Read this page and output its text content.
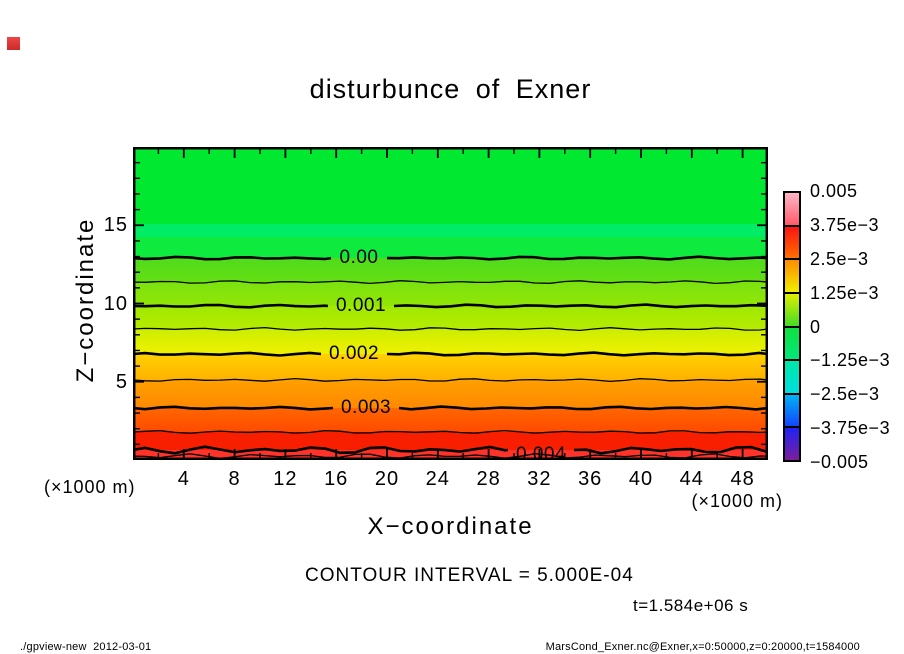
disturbunce of Exner
0.00
0.001
0.002
0.003
0.004
Z−coordinate
X−coordinate
(×1000 m)
(×1000 m)
CONTOUR INTERVAL = 5.000E-04
t=1.584e+06 s
./gpview-new  2012-03-01	MarsCond_Exner.nc@Exner,x=0:50000,z=0:20000,t=1584000
4 8 12 16 20 24 28 32 36 40 44 48
5
10
15
0.005
3.75e−3
2.5e−3
1.25e−3
0
−1.25e−3
−2.5e−3
−3.75e−3
−0.005
